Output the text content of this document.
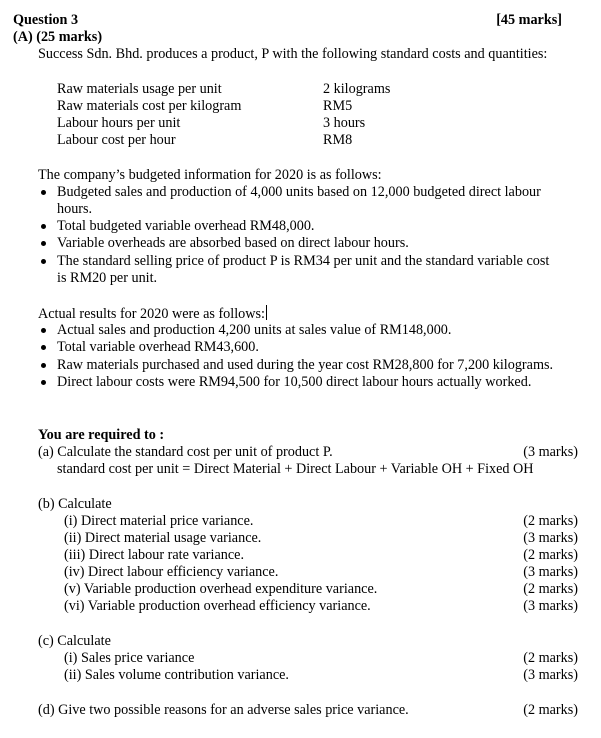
Question 3	[45 marks]
(A) (25 marks)
Success Sdn. Bhd. produces a product, P with the following standard costs and quantities:
Raw materials usage per unit	2 kilograms
Raw materials cost per kilogram	RM5
Labour hours per unit	3 hours
Labour cost per hour	RM8
The company’s budgeted information for 2020 is as follows:
Budgeted sales and production of 4,000 units based on 12,000 budgeted direct labour
hours.
Total budgeted variable overhead RM48,000.
Variable overheads are absorbed based on direct labour hours.
The standard selling price of product P is RM34 per unit and the standard variable cost
is RM20 per unit.
Actual results for 2020 were as follows:
Actual sales and production 4,200 units at sales value of RM148,000.
Total variable overhead RM43,600.
Raw materials purchased and used during the year cost RM28,800 for 7,200 kilograms.
Direct labour costs were RM94,500 for 10,500 direct labour hours actually worked.
You are required to :
(a) Calculate the standard cost per unit of product P.	(3 marks)
standard cost per unit = Direct Material + Direct Labour + Variable OH + Fixed OH
(b) Calculate
(i) Direct material price variance.	(2 marks)
(ii) Direct material usage variance.	(3 marks)
(iii) Direct labour rate variance.	(2 marks)
(iv) Direct labour efficiency variance.	(3 marks)
(v) Variable production overhead expenditure variance.	(2 marks)
(vi) Variable production overhead efficiency variance.	(3 marks)
(c) Calculate
(i) Sales price variance	(2 marks)
(ii) Sales volume contribution variance.	(3 marks)
(d) Give two possible reasons for an adverse sales price variance.	(2 marks)
